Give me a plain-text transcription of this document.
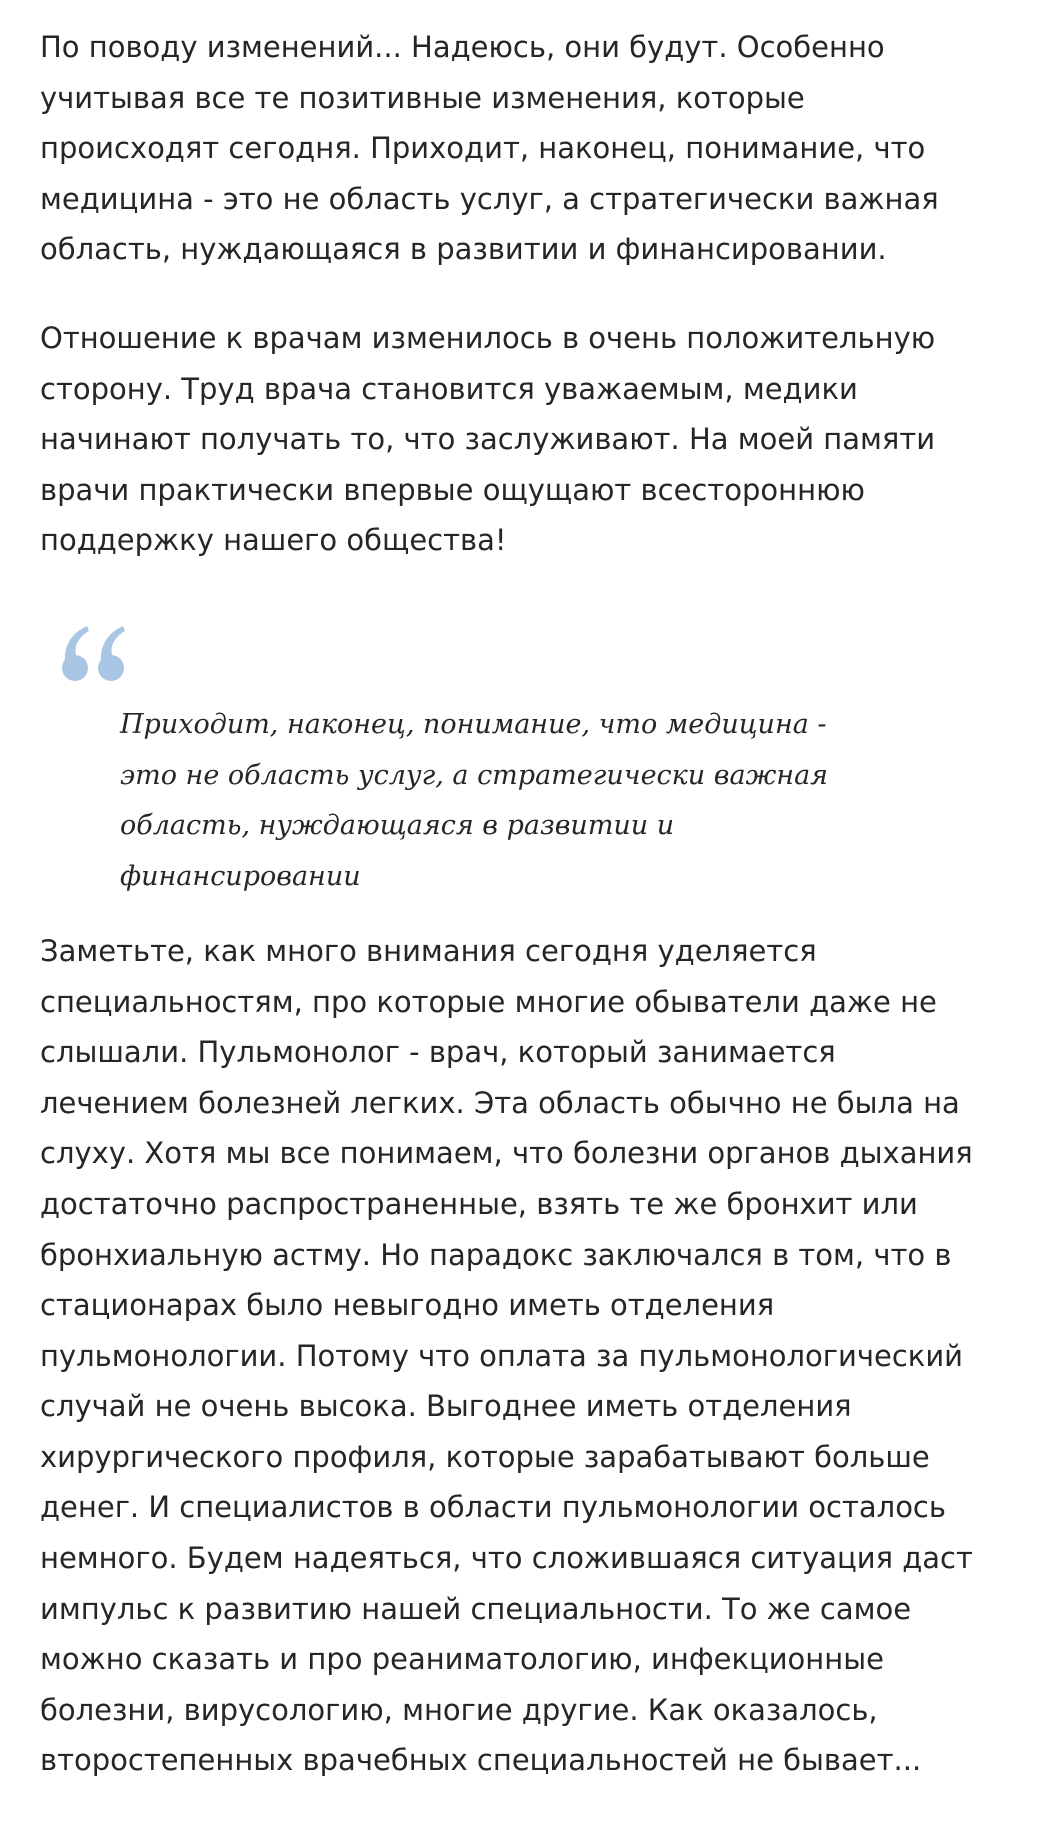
По поводу изменений... Надеюсь, они будут. Особенно
учитывая все те позитивные изменения, которые
происходят сегодня. Приходит, наконец, понимание, что
медицина - это не область услуг, а стратегически важная
область, нуждающаяся в развитии и финансировании.

Отношение к врачам изменилось в очень положительную
сторону. Труд врача становится уважаемым, медики
начинают получать то, что заслуживают. На моей памяти
врачи практически впервые ощущают всестороннюю
поддержку нашего общества!

Приходит, наконец, понимание, что медицина -
это не область услуг, а стратегически важная
область, нуждающаяся в развитии и
финансировании

Заметьте, как много внимания сегодня уделяется
специальностям, про которые многие обыватели даже не
слышали. Пульмонолог - врач, который занимается
лечением болезней легких. Эта область обычно не была на
слуху. Хотя мы все понимаем, что болезни органов дыхания
достаточно распространенные, взять те же бронхит или
бронхиальную астму. Но парадокс заключался в том, что в
стационарах было невыгодно иметь отделения
пульмонологии. Потому что оплата за пульмонологический
случай не очень высока. Выгоднее иметь отделения
хирургического профиля, которые зарабатывают больше
денег. И специалистов в области пульмонологии осталось
немного. Будем надеяться, что сложившаяся ситуация даст
импульс к развитию нашей специальности. То же самое
можно сказать и про реаниматологию, инфекционные
болезни, вирусологию, многие другие. Как оказалось,
второстепенных врачебных специальностей не бывает...
